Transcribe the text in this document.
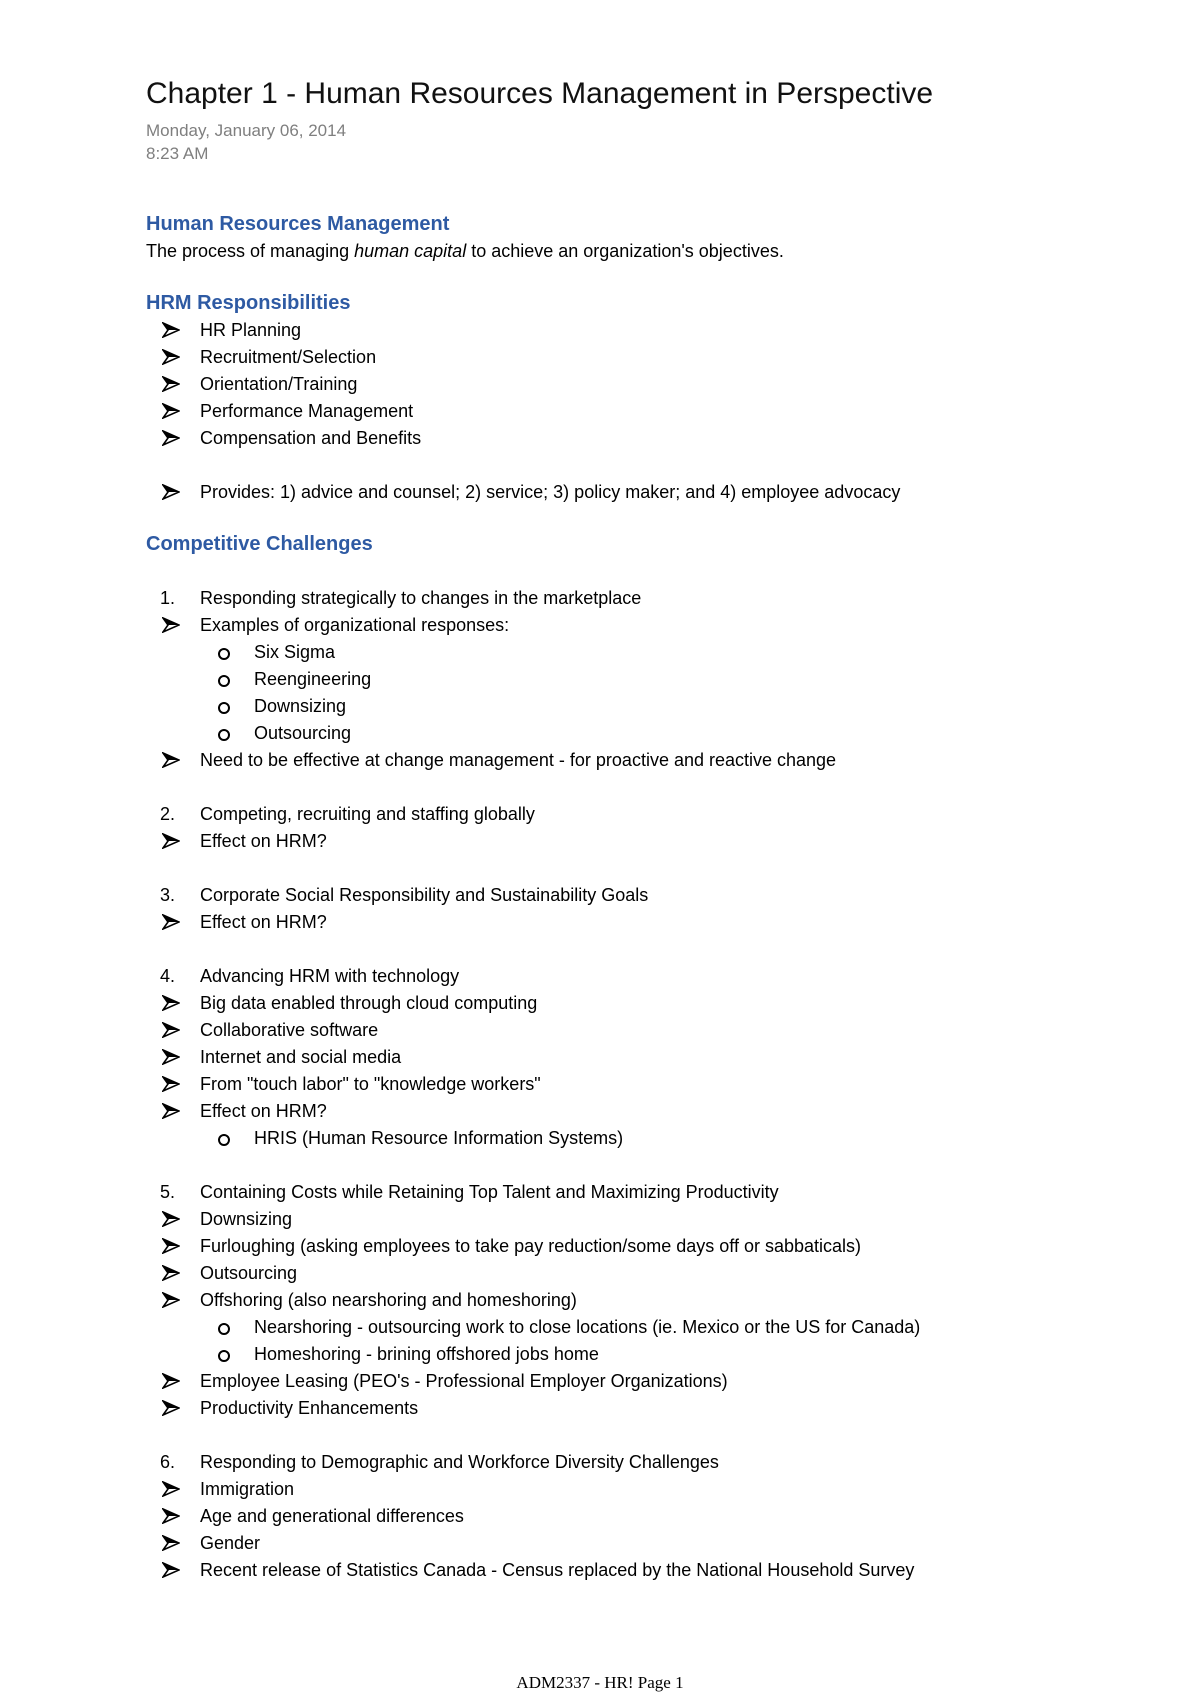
Chapter 1 - Human Resources Management in Perspective
Monday, January 06, 2014
8:23 AM
Human Resources Management

The process of managing human capital to achieve an organization's objectives.

HRM Responsibilities
HR Planning
Recruitment/Selection
Orientation/Training
Performance Management
Compensation and Benefits
Provides: 1) advice and counsel; 2) service; 3) policy maker; and 4) employee advocacy
Competitive Challenges
1.	Responding strategically to changes in the marketplace
Examples of organizational responses:
Six Sigma
Reengineering
Downsizing
Outsourcing
Need to be effective at change management - for proactive and reactive change
2.	Competing, recruiting and staffing globally
Effect on HRM?
3.	Corporate Social Responsibility and Sustainability Goals
Effect on HRM?
4.	Advancing HRM with technology
Big data enabled through cloud computing
Collaborative software
Internet and social media
From "touch labor" to "knowledge workers"
Effect on HRM?
HRIS (Human Resource Information Systems)
5.	Containing Costs while Retaining Top Talent and Maximizing Productivity
Downsizing
Furloughing (asking employees to take pay reduction/some days off or sabbaticals)
Outsourcing
Offshoring (also nearshoring and homeshoring)
Nearshoring - outsourcing work to close locations (ie. Mexico or the US for Canada)
Homeshoring - brining offshored jobs home
Employee Leasing (PEO's - Professional Employer Organizations)
Productivity Enhancements
6.	Responding to Demographic and Workforce Diversity Challenges
Immigration
Age and generational differences
Gender
Recent release of Statistics Canada - Census replaced by the National Household Survey
ADM2337 - HR! Page 1
